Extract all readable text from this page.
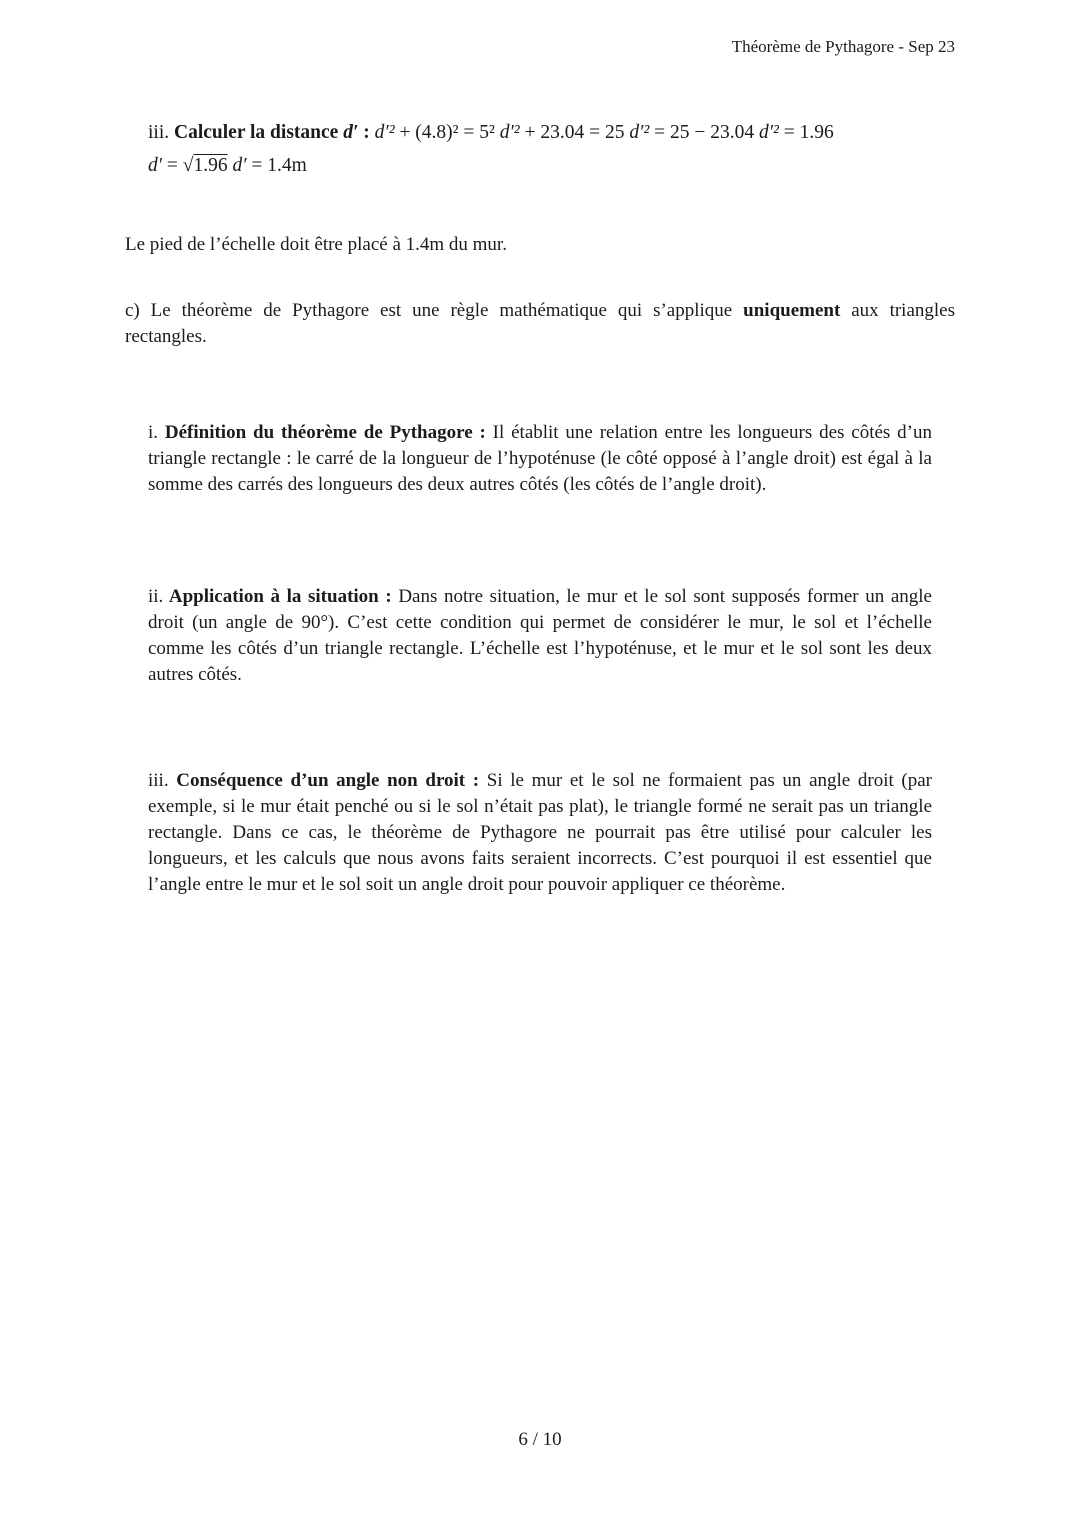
Théorème de Pythagore - Sep 23
iii. Calculer la distance d′ : d′² + (4.8)² = 5² d′² + 23.04 = 25 d′² = 25 − 23.04 d′² = 1.96
d′ = √1.96 d′ = 1.4m

Le pied de l’échelle doit être placé à 1.4m du mur.

c) Le théorème de Pythagore est une règle mathématique qui s’applique uniquement aux triangles rectangles.

i. Définition du théorème de Pythagore : Il établit une relation entre les longueurs des côtés d’un triangle rectangle : le carré de la longueur de l’hypoténuse (le côté opposé à l’angle droit) est égal à la somme des carrés des longueurs des deux autres côtés (les côtés de l’angle droit).

ii. Application à la situation : Dans notre situation, le mur et le sol sont supposés former un angle droit (un angle de 90°). C’est cette condition qui permet de considérer le mur, le sol et l’échelle comme les côtés d’un triangle rectangle. L’échelle est l’hypoténuse, et le mur et le sol sont les deux autres côtés.

iii. Conséquence d’un angle non droit : Si le mur et le sol ne formaient pas un angle droit (par exemple, si le mur était penché ou si le sol n’était pas plat), le triangle formé ne serait pas un triangle rectangle. Dans ce cas, le théorème de Pythagore ne pourrait pas être utilisé pour calculer les longueurs, et les calculs que nous avons faits seraient incorrects. C’est pourquoi il est essentiel que l’angle entre le mur et le sol soit un angle droit pour pouvoir appliquer ce théorème.

6 / 10
